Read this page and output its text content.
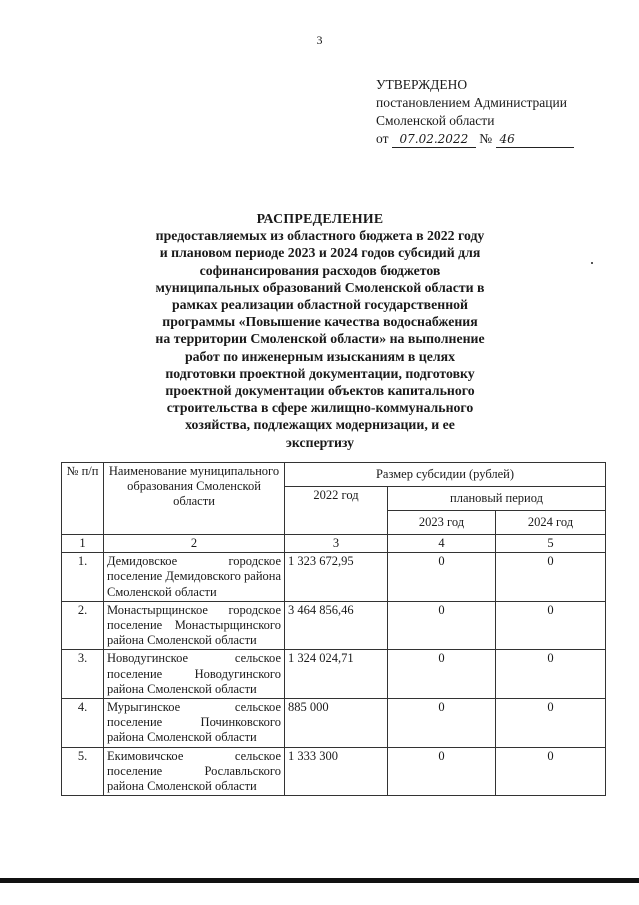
3
УТВЕРЖДЕНО
постановлением Администрации
Смоленской области
от 07.02.2022 № 46
РАСПРЕДЕЛЕНИЕ
предоставляемых из областного бюджета в 2022 году
и плановом периоде 2023 и 2024 годов субсидий для
софинансирования расходов бюджетов
муниципальных образований Смоленской области в
рамках реализации областной государственной
программы «Повышение качества водоснабжения
на территории Смоленской области» на выполнение
работ по инженерным изысканиям в целях
подготовки проектной документации, подготовку
проектной документации объектов капитального
строительства в сфере жилищно-коммунального
хозяйства, подлежащих модернизации, и ее
экспертизу
№ п/п	Наименование муниципального образования Смоленской области	Размер субсидии (рублей)		
		2022 год	плановый период	
			2023 год	2024 год
1	2	3	4	5
1.	Демидовское городское поселение Демидовского района Смоленской области	1 323 672,95	0	0
2.	Монастырщинское городское поселение Монастырщинского района Смоленской области	3 464 856,46	0	0
3.	Новодугинское сельское поселение Новодугинского района Смоленской области	1 324 024,71	0	0
4.	Мурыгинское сельское поселение Починковского района Смоленской области	885 000	0	0
5.	Екимовичское сельское поселение Рославльского района Смоленской области	1 333 300	0	0
